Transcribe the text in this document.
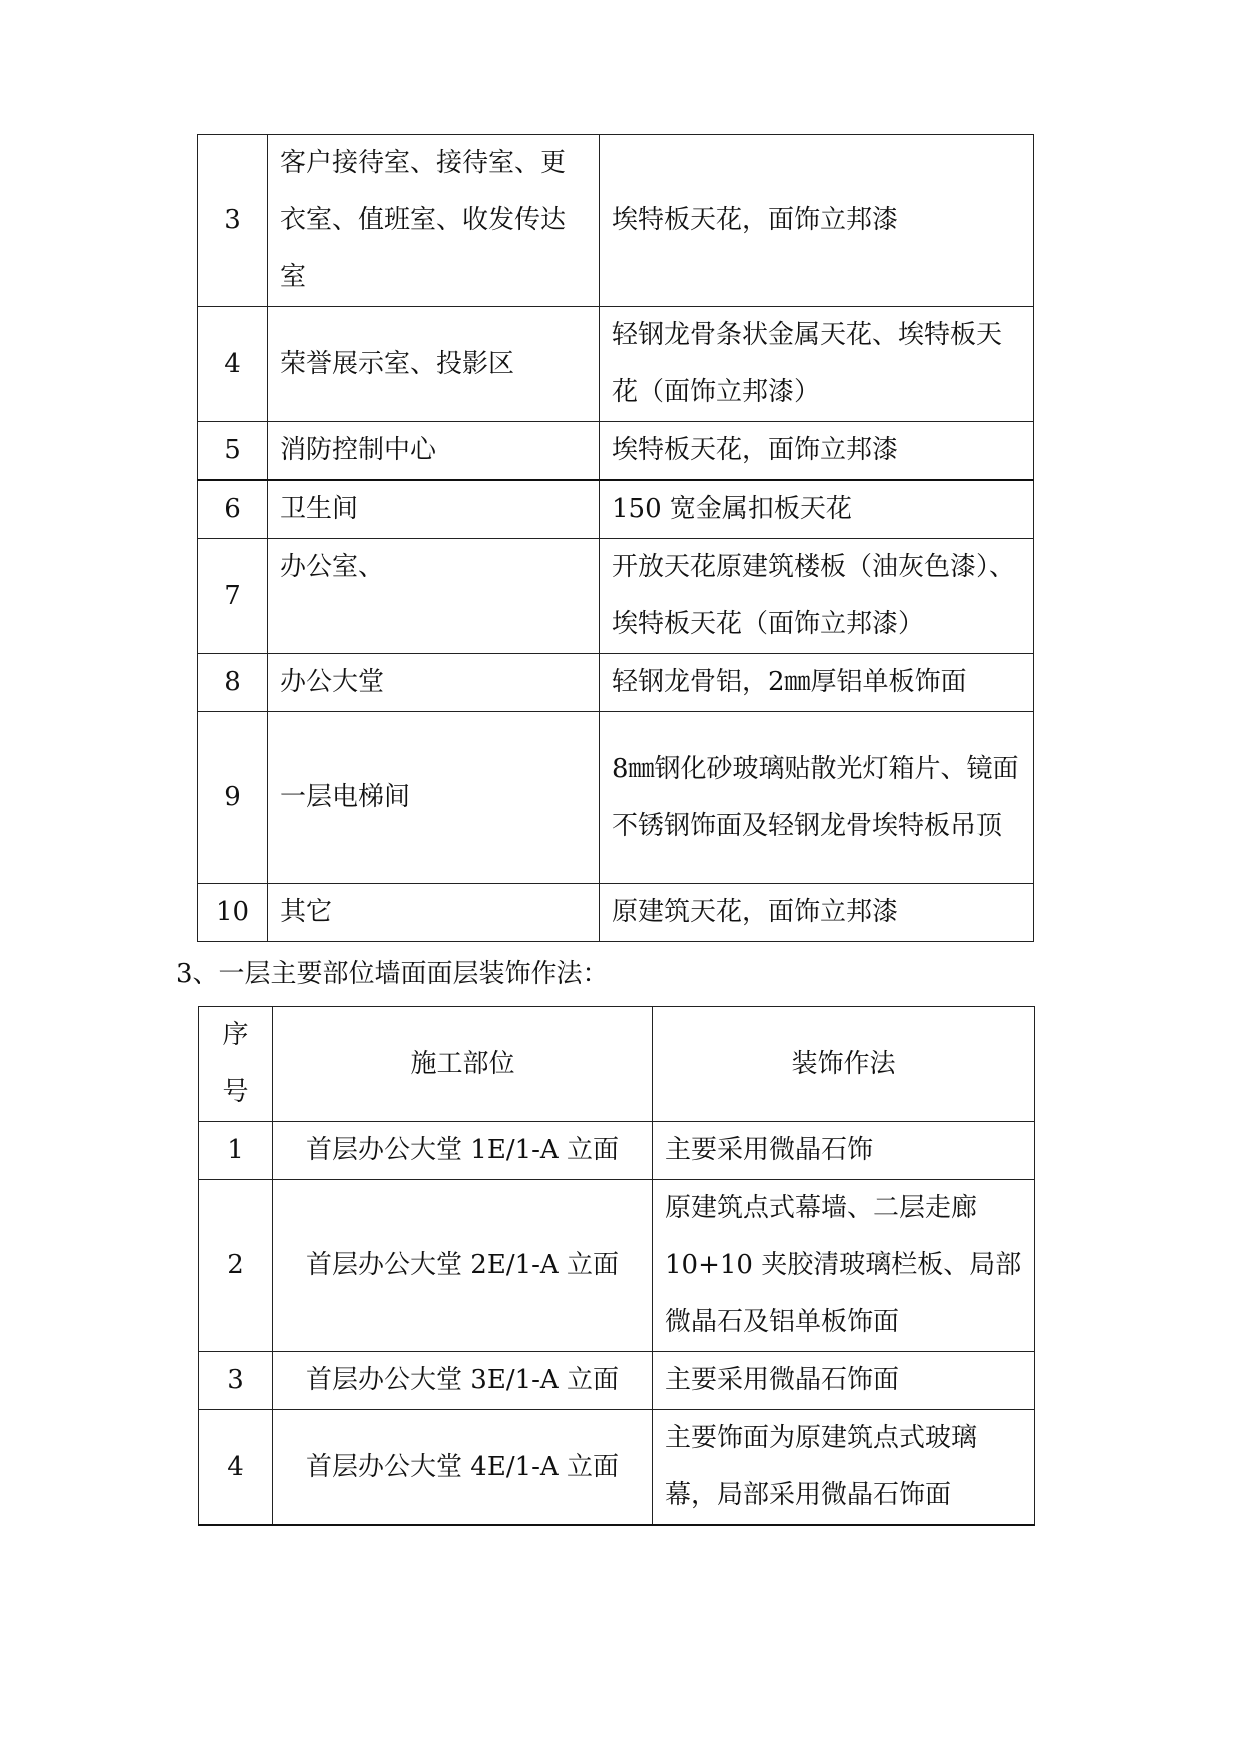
3	客户接待室、接待室、更衣室、值班室、收发传达室	埃特板天花，面饰立邦漆
4	荣誉展示室、投影区	轻钢龙骨条状金属天花、埃特板天花（面饰立邦漆）
5	消防控制中心	埃特板天花，面饰立邦漆
6	卫生间	150 宽金属扣板天花
7	办公室、	开放天花原建筑楼板（油灰色漆）、埃特板天花（面饰立邦漆）
8	办公大堂	轻钢龙骨铝，2㎜厚铝单板饰面
9	一层电梯间	8㎜钢化砂玻璃贴散光灯箱片、镜面不锈钢饰面及轻钢龙骨埃特板吊顶
10	其它	原建筑天花，面饰立邦漆

3、一层主要部位墙面面层装饰作法：

序号	施工部位	装饰作法
1	首层办公大堂 1E/1-A 立面	主要采用微晶石饰
2	首层办公大堂 2E/1-A 立面	原建筑点式幕墙、二层走廊10+10 夹胶清玻璃栏板、局部微晶石及铝单板饰面
3	首层办公大堂 3E/1-A 立面	主要采用微晶石饰面
4	首层办公大堂 4E/1-A 立面	主要饰面为原建筑点式玻璃幕，局部采用微晶石饰面
